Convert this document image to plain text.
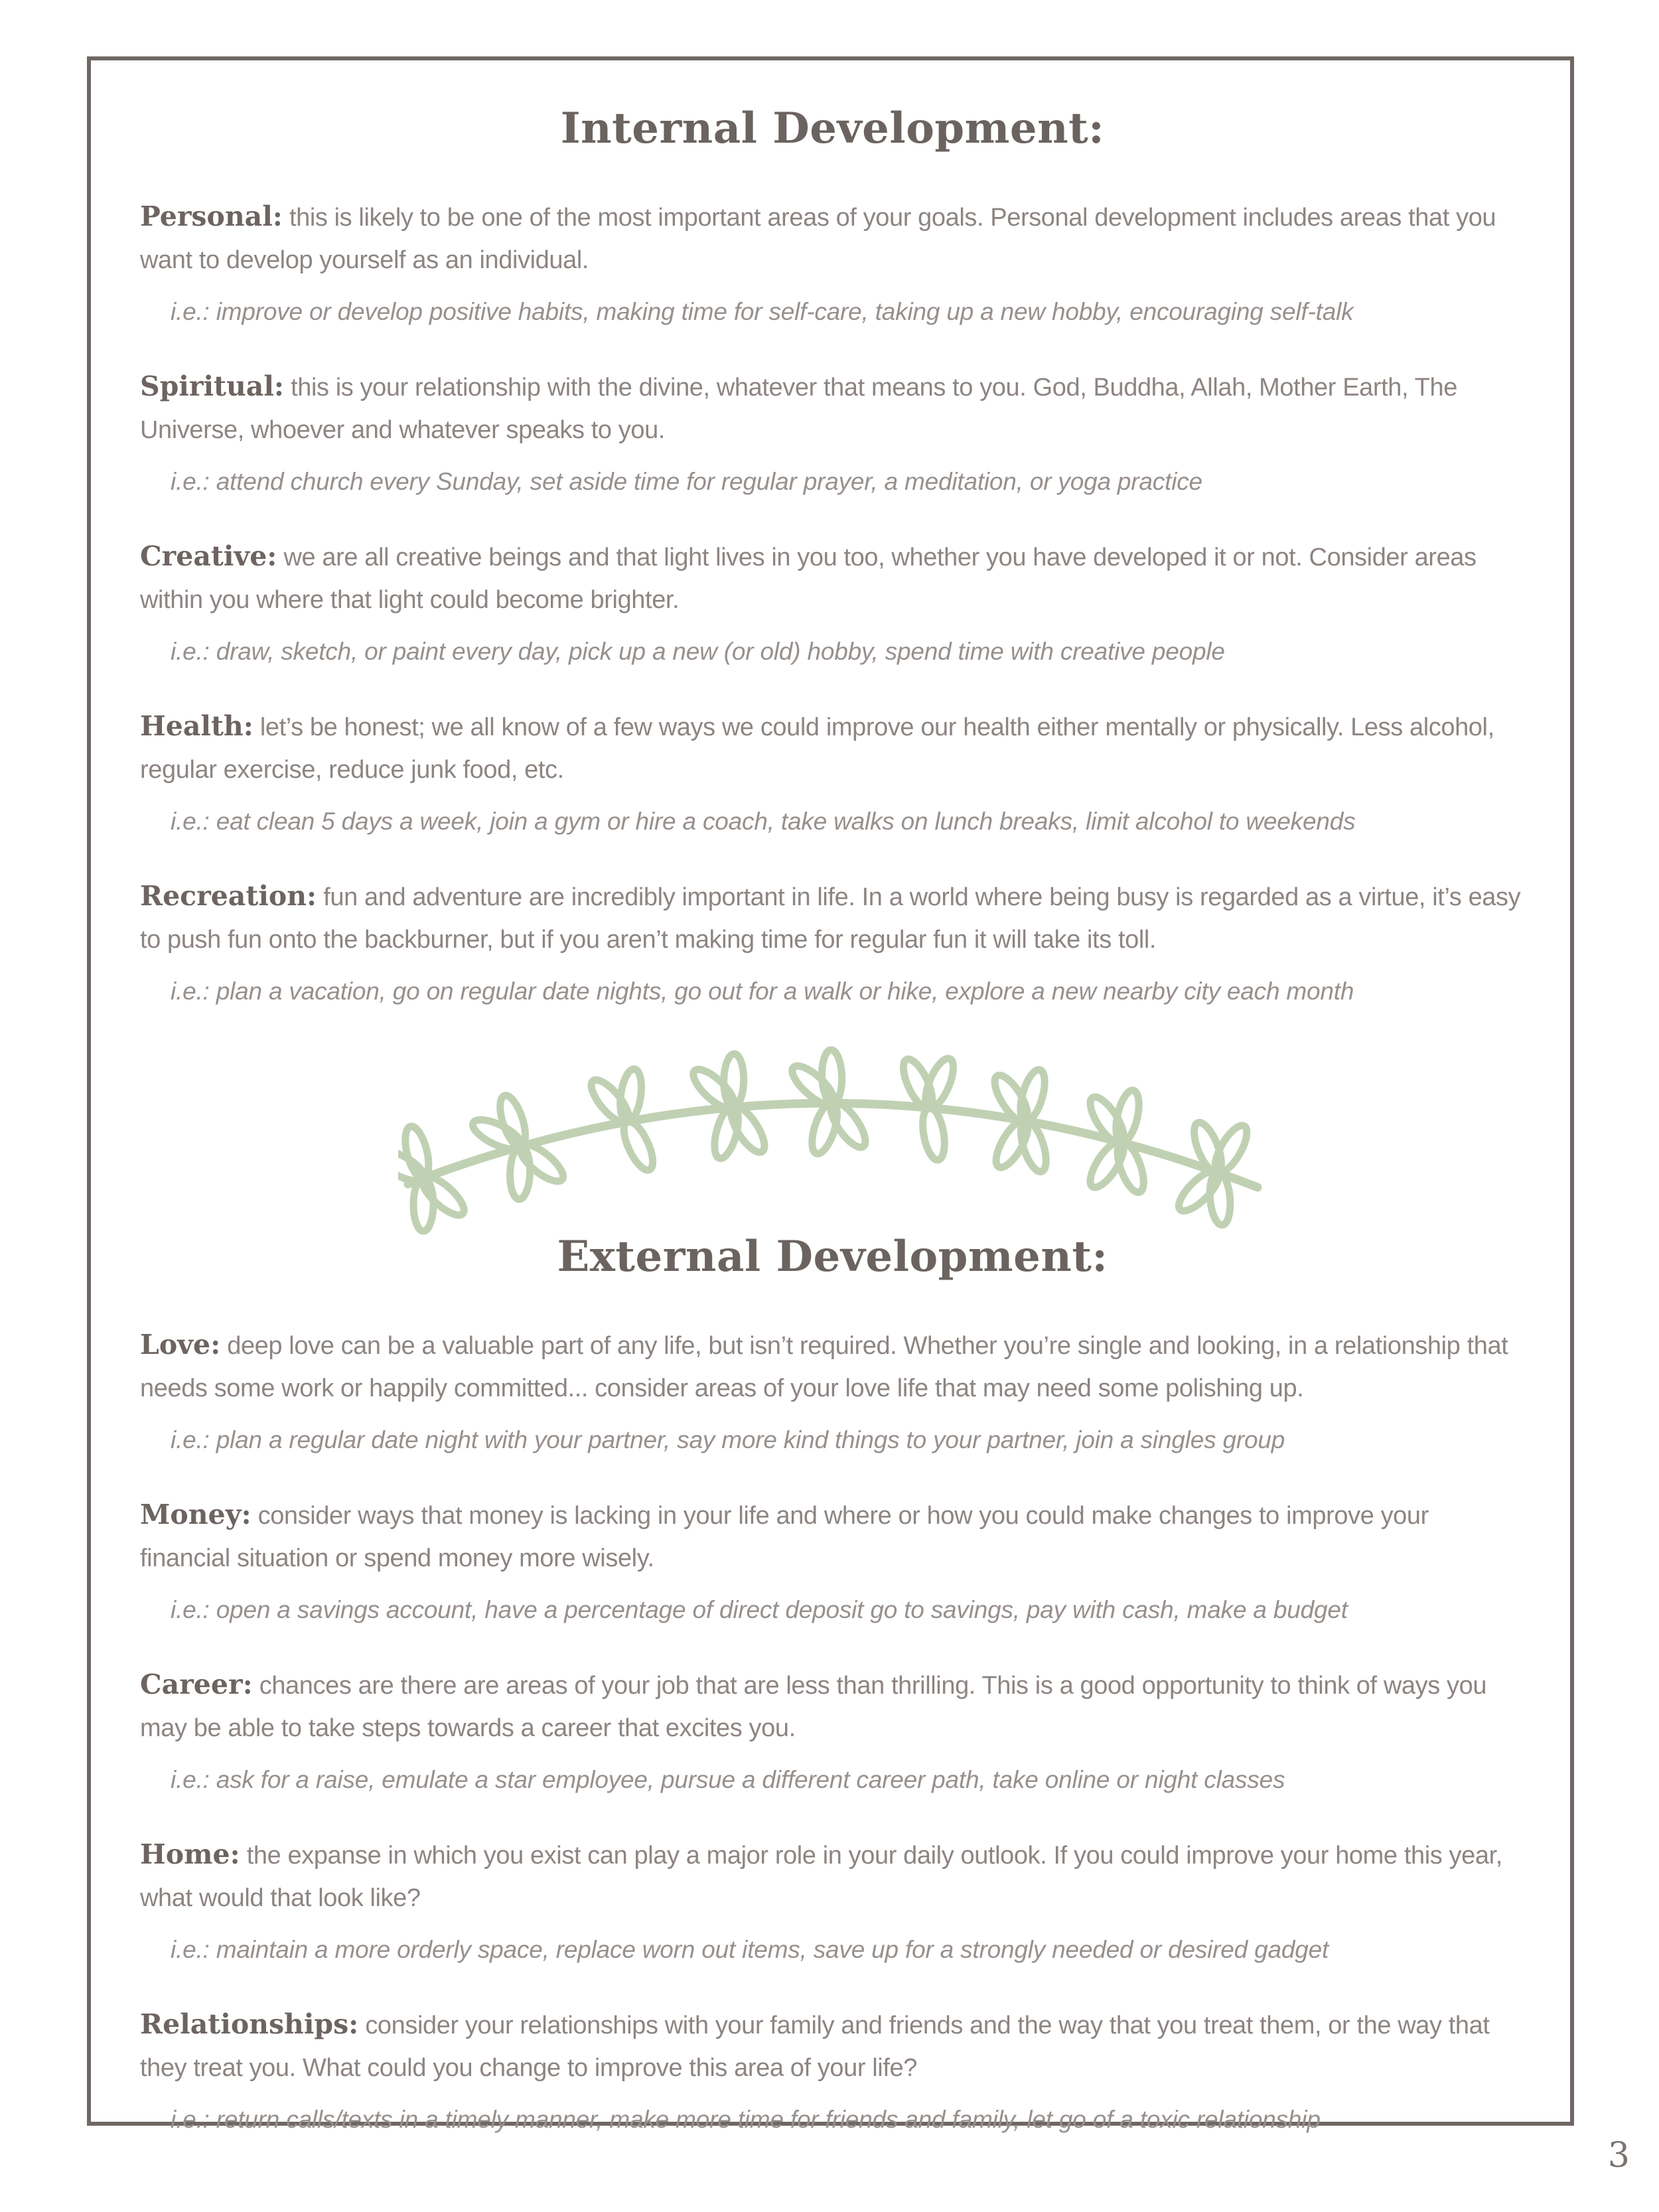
Internal Development:

Personal: this is likely to be one of the most important areas of your goals. Personal development includes areas that you want to develop yourself as an individual.

i.e.: improve or develop positive habits, making time for self-care, taking up a new hobby, encouraging self-talk

Spiritual: this is your relationship with the divine, whatever that means to you. God, Buddha, Allah, Mother Earth, The Universe, whoever and whatever speaks to you.

i.e.: attend church every Sunday, set aside time for regular prayer, a meditation, or yoga practice

Creative: we are all creative beings and that light lives in you too, whether you have developed it or not. Consider areas within you where that light could become brighter.

i.e.: draw, sketch, or paint every day, pick up a new (or old) hobby, spend time with creative people

Health: let’s be honest; we all know of a few ways we could improve our health either mentally or physically. Less alcohol, regular exercise, reduce junk food, etc.

i.e.: eat clean 5 days a week, join a gym or hire a coach, take walks on lunch breaks, limit alcohol to weekends

Recreation: fun and adventure are incredibly important in life. In a world where being busy is regarded as a virtue, it’s easy to push fun onto the backburner, but if you aren’t making time for regular fun it will take its toll.

i.e.: plan a vacation, go on regular date nights, go out for a walk or hike, explore a new nearby city each month

External Development:

Love: deep love can be a valuable part of any life, but isn’t required. Whether you’re single and looking, in a relationship that needs some work or happily committed... consider areas of your love life that may need some polishing up.

i.e.: plan a regular date night with your partner, say more kind things to your partner, join a singles group

Money: consider ways that money is lacking in your life and where or how you could make changes to improve your financial situation or spend money more wisely.

i.e.: open a savings account, have a percentage of direct deposit go to savings, pay with cash, make a budget

Career: chances are there are areas of your job that are less than thrilling. This is a good opportunity to think of ways you may be able to take steps towards a career that excites you.

i.e.: ask for a raise, emulate a star employee, pursue a different career path, take online or night classes

Home: the expanse in which you exist can play a major role in your daily outlook. If you could improve your home this year, what would that look like?

i.e.: maintain a more orderly space, replace worn out items, save up for a strongly needed or desired gadget

Relationships: consider your relationships with your family and friends and the way that you treat them, or the way that they treat you. What could you change to improve this area of your life?

i.e.: return calls/texts in a timely manner, make more time for friends and family, let go of a toxic relationship

3
